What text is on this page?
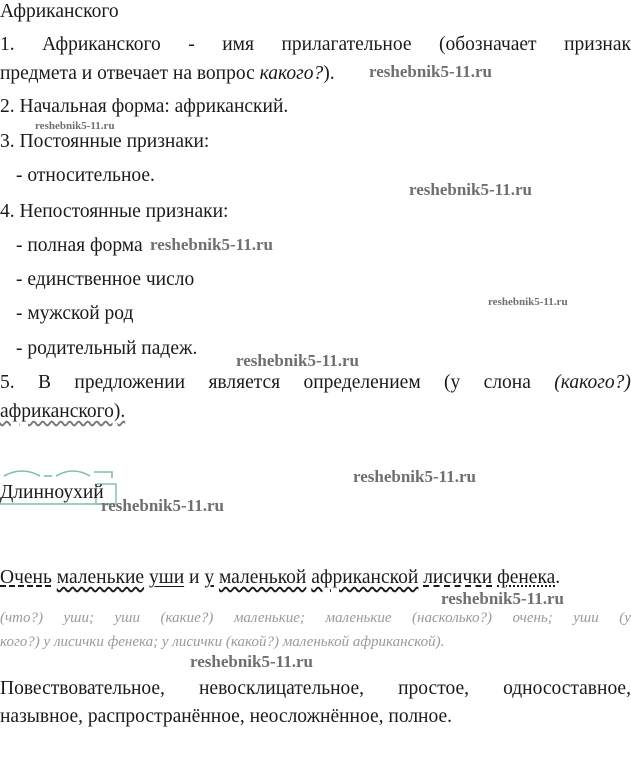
Африканского
1. Африканского - имя прилагательное (обозначает признак
предмета и отвечает на вопрос какого?).
2. Начальная форма: африканский.
3. Постоянные признаки:
- относительное.
4. Непостоянные признаки:
- полная форма
- единственное число
- мужской род
- родительный падеж.
5. В предложении является определением (у слона (какого?)
африканского).
Длинноухий
Очень маленькие уши и у маленькой африканской лисички фенека.
(что?) уши; уши (какие?) маленькие; маленькие (насколько?) очень; уши (у
кого?) у лисички фенека; у лисички (какой?) маленькой африканской).
Повествовательное, невосклицательное, простое, односоставное,
назывное, распространённое, неосложнённое, полное.
reshebnik5-11.ru
reshebnik5-11.ru
reshebnik5-11.ru
reshebnik5-11.ru
reshebnik5-11.ru
reshebnik5-11.ru
reshebnik5-11.ru
reshebnik5-11.ru
reshebnik5-11.ru
reshebnik5-11.ru
